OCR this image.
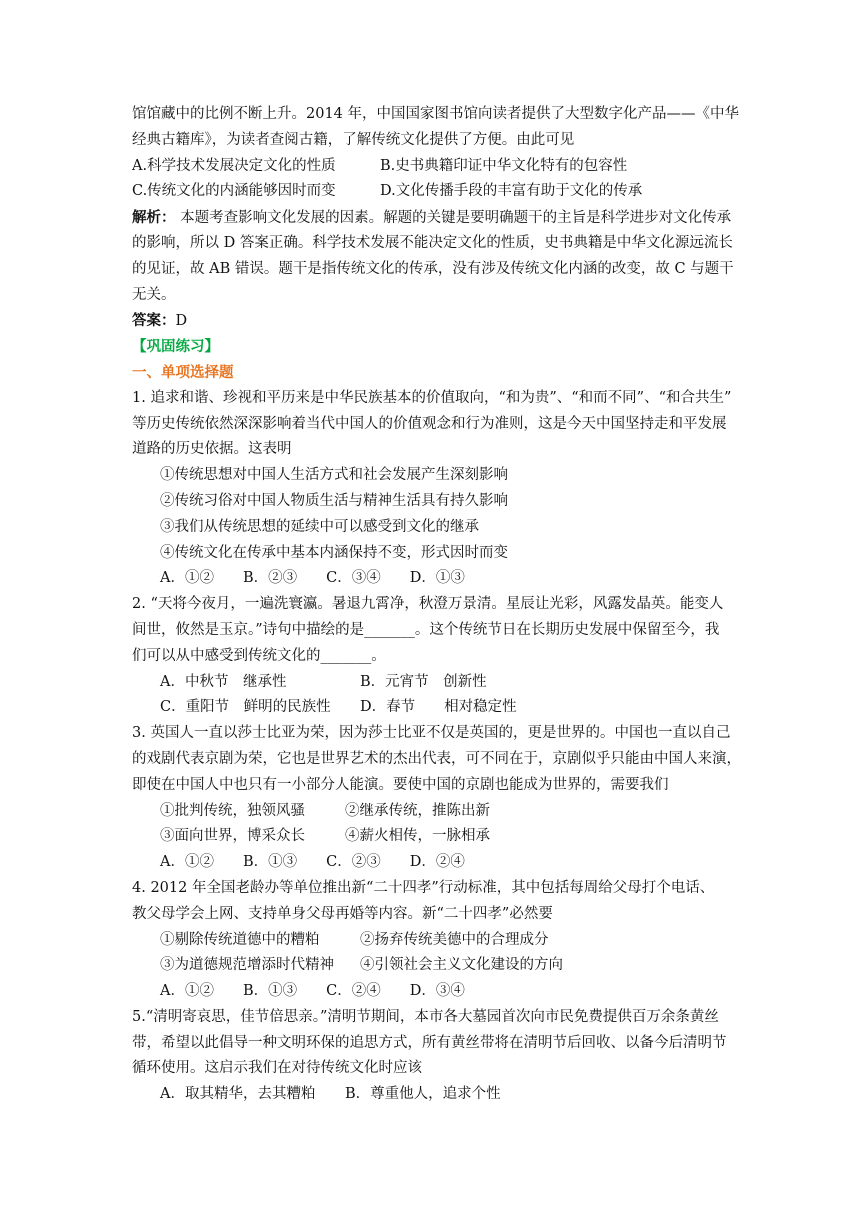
馆馆藏中的比例不断上升。2014 年，中国国家图书馆向读者提供了大型数字化产品——《中华
经典古籍库》，为读者查阅古籍，了解传统文化提供了方便。由此可见
A.科学技术发展决定文化的性质	B.史书典籍印证中华文化特有的包容性
C.传统文化的内涵能够因时而变	D.文化传播手段的丰富有助于文化的传承
解析： 本题考查影响文化发展的因素。解题的关键是要明确题干的主旨是科学进步对文化传承
的影响，所以 D 答案正确。科学技术发展不能决定文化的性质，史书典籍是中华文化源远流长
的见证，故 AB 错误。题干是指传统文化的传承，没有涉及传统文化内涵的改变，故 C 与题干
无关。
答案：D
【巩固练习】
一、单项选择题
1. 追求和谐、珍视和平历来是中华民族基本的价值取向，“和为贵”、“和而不同”、“和合共生”
等历史传统依然深深影响着当代中国人的价值观念和行为准则，这是今天中国坚持走和平发展
道路的历史依据。这表明
①传统思想对中国人生活方式和社会发展产生深刻影响
②传统习俗对中国人物质生活与精神生活具有持久影响
③我们从传统思想的延续中可以感受到文化的继承
④传统文化在传承中基本内涵保持不变，形式因时而变
A．①②　　B．②③　　C．③④　　D．①③
2. “天将今夜月，一遍洗寰瀛。暑退九霄净，秋澄万景清。星辰让光彩，风露发晶英。能变人
间世，攸然是玉京。”诗句中描绘的是_______。这个传统节日在长期历史发展中保留至今，我
们可以从中感受到传统文化的_______。
A．中秋节　继承性	B．元宵节　创新性
C．重阳节　鲜明的民族性 D．春节　　相对稳定性
3. 英国人一直以莎士比亚为荣，因为莎士比亚不仅是英国的，更是世界的。中国也一直以自己
的戏剧代表京剧为荣，它也是世界艺术的杰出代表，可不同在于，京剧似乎只能由中国人来演，
即使在中国人中也只有一小部分人能演。要使中国的京剧也能成为世界的，需要我们
①批判传统，独领风骚	②继承传统，推陈出新
③面向世界，博采众长	④薪火相传，一脉相承
A．①②　　B．①③　　C．②③　　D．②④
4. 2012 年全国老龄办等单位推出新“二十四孝”行动标准，其中包括每周给父母打个电话、
教父母学会上网、支持单身父母再婚等内容。新“二十四孝”必然要
①剔除传统道德中的糟粕	②扬弃传统美德中的合理成分
③为道德规范增添时代精神 ④引领社会主义文化建设的方向
A．①②　　B．①③　　C．②④　　D．③④
5.“清明寄哀思，佳节倍思亲。”清明节期间，本市各大墓园首次向市民免费提供百万余条黄丝
带，希望以此倡导一种文明环保的追思方式，所有黄丝带将在清明节后回收、以备今后清明节
循环使用。这启示我们在对待传统文化时应该
A．取其精华，去其糟粕 B．尊重他人，追求个性
